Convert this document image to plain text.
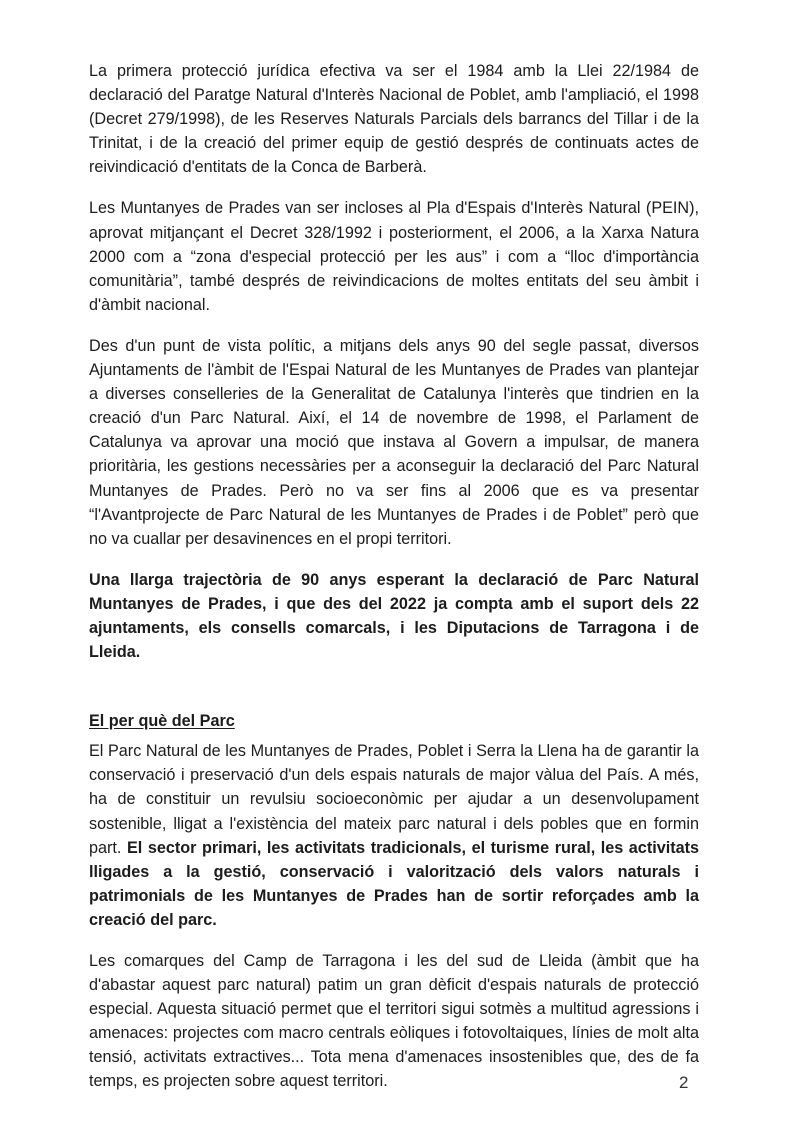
La primera protecció jurídica efectiva va ser el 1984 amb la Llei 22/1984 de declaració del Paratge Natural d'Interès Nacional de Poblet, amb l'ampliació, el 1998 (Decret 279/1998), de les Reserves Naturals Parcials dels barrancs del Tillar i de la Trinitat, i de la creació del primer equip de gestió després de continuats actes de reivindicació d'entitats de la Conca de Barberà.

Les Muntanyes de Prades van ser incloses al Pla d'Espais d'Interès Natural (PEIN), aprovat mitjançant el Decret 328/1992 i posteriorment, el 2006, a la Xarxa Natura 2000 com a “zona d'especial protecció per les aus” i com a “lloc d'importància comunitària”, també després de reivindicacions de moltes entitats del seu àmbit i d'àmbit nacional.

Des d'un punt de vista polític, a mitjans dels anys 90 del segle passat, diversos Ajuntaments de l'àmbit de l'Espai Natural de les Muntanyes de Prades van plantejar a diverses conselleries de la Generalitat de Catalunya l'interès que tindrien en la creació d'un Parc Natural. Així, el 14 de novembre de 1998, el Parlament de Catalunya va aprovar una moció que instava al Govern a impulsar, de manera prioritària, les gestions necessàries per a aconseguir la declaració del Parc Natural Muntanyes de Prades. Però no va ser fins al 2006 que es va presentar “l'Avantprojecte de Parc Natural de les Muntanyes de Prades i de Poblet” però que no va cuallar per desavinences en el propi territori.

Una llarga trajectòria de 90 anys esperant la declaració de Parc Natural Muntanyes de Prades, i que des del 2022 ja compta amb el suport dels 22 ajuntaments, els consells comarcals, i les Diputacions de Tarragona i de Lleida.

El per què del Parc

El Parc Natural de les Muntanyes de Prades, Poblet i Serra la Llena ha de garantir la conservació i preservació d'un dels espais naturals de major vàlua del País. A més, ha de constituir un revulsiu socioeconòmic per ajudar a un desenvolupament sostenible, lligat a l'existència del mateix parc natural i dels pobles que en formin part. El sector primari, les activitats tradicionals, el turisme rural, les activitats lligades a la gestió, conservació i valorització dels valors naturals i patrimonials de les Muntanyes de Prades han de sortir reforçades amb la creació del parc.

Les comarques del Camp de Tarragona i les del sud de Lleida (àmbit que ha d'abastar aquest parc natural) patim un gran dèficit d'espais naturals de protecció especial. Aquesta situació permet que el territori sigui sotmès a multitud agressions i amenaces: projectes com macro centrals eòliques i fotovoltaiques, línies de molt alta tensió, activitats extractives... Tota mena d'amenaces insostenibles que, des de fa temps, es projecten sobre aquest territori.	2
